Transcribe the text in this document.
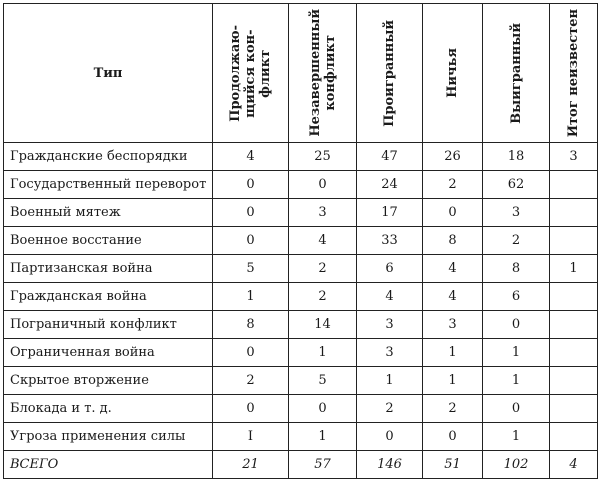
Тип	Продолжаю-
щийся кон-
фликт	Незавершенный
конфликт	Проигранный	Ничья	Выигранный	Итог неизвестен

Гражданские беспорядки	4	25	47	26	18	3
Государственный переворот	0	0	24	2	62	
Военный мятеж	0	3	17	0	3	
Военное восстание	0	4	33	8	2	
Партизанская война	5	2	6	4	8	1
Гражданская война	1	2	4	4	6	
Пограничный конфликт	8	14	3	3	0	
Ограниченная война	0	1	3	1	1	
Скрытое вторжение	2	5	1	1	1	
Блокада и т. д.	0	0	2	2	0	
Угроза применения силы	I	1	0	0	1	
ВСЕГО	21	57	146	51	102	4
